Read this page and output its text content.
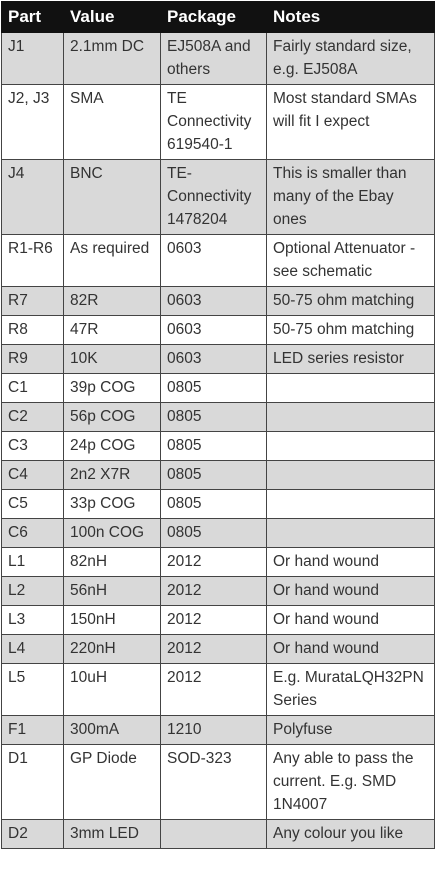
Part	Value	Package	Notes
J1	2.1mm DC	EJ508A and others	Fairly standard size, e.g. EJ508A
J2, J3	SMA	TE Connectivity 619540-1	Most standard SMAs will fit I expect
J4	BNC	TE-Connectivity 1478204	This is smaller than many of the Ebay ones
R1-R6	As required	0603	Optional Attenuator - see schematic
R7	82R	0603	50-75 ohm matching
R8	47R	0603	50-75 ohm matching
R9	10K	0603	LED series resistor
C1	39p COG	0805	
C2	56p COG	0805	
C3	24p COG	0805	
C4	2n2 X7R	0805	
C5	33p COG	0805	
C6	100n COG	0805	
L1	82nH	2012	Or hand wound
L2	56nH	2012	Or hand wound
L3	150nH	2012	Or hand wound
L4	220nH	2012	Or hand wound
L5	10uH	2012	E.g. MurataLQH32PN Series
F1	300mA	1210	Polyfuse
D1	GP Diode	SOD-323	Any able to pass the current. E.g. SMD 1N4007
D2	3mm LED		Any colour you like
